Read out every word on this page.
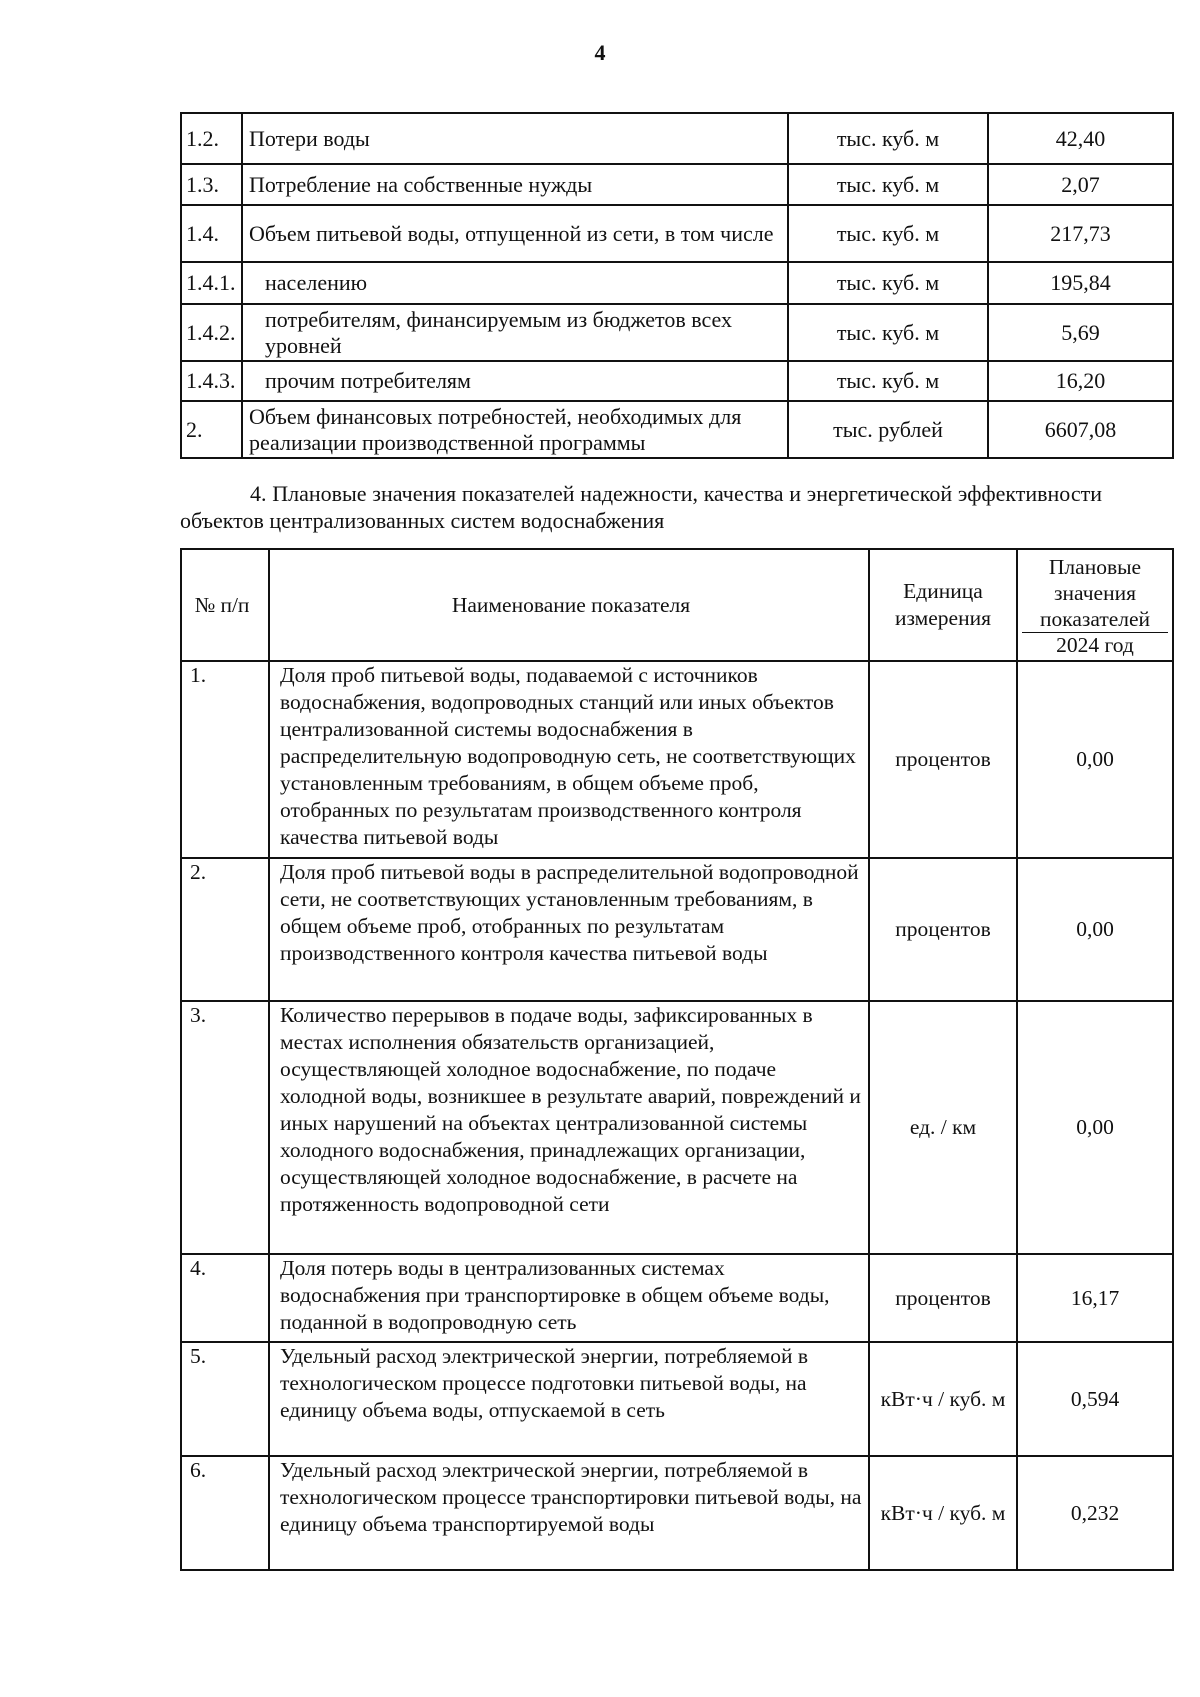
4
1.2.	Потери воды	тыс. куб. м	42,40
1.3.	Потребление на собственные нужды	тыс. куб. м	2,07
1.4.	Объем питьевой воды, отпущенной из сети, в том числе	тыс. куб. м	217,73
1.4.1.	населению	тыс. куб. м	195,84
1.4.2.	потребителям, финансируемым из бюджетов всех уровней	тыс. куб. м	5,69
1.4.3.	прочим потребителям	тыс. куб. м	16,20
2.	Объем финансовых потребностей, необходимых для реализации производственной программы	тыс. рублей	6607,08
4. Плановые значения показателей надежности, качества и энергетической эффективности объектов централизованных систем водоснабжения
№ п/п	Наименование показателя	Единица измерения	Плановые значения показателей
2024 год

1.	Доля проб питьевой воды, подаваемой с источников водоснабжения, водопроводных станций или иных объектов централизованной системы водоснабжения в распределительную водопроводную сеть, не соответствующих установленным требованиям, в общем объеме проб, отобранных по результатам производственного контроля качества питьевой воды	процентов	0,00
2.	Доля проб питьевой воды в распределительной водопроводной сети, не соответствующих установленным требованиям, в общем объеме проб, отобранных по результатам производственного контроля качества питьевой воды	процентов	0,00
3.	Количество перерывов в подаче воды, зафиксированных в местах исполнения обязательств организацией, осуществляющей холодное водоснабжение, по подаче холодной воды, возникшее в результате аварий, повреждений и иных нарушений на объектах централизованной системы холодного водоснабжения, принадлежащих организации, осуществляющей холодное водоснабжение, в расчете на протяженность водопроводной сети	ед. / км	0,00
4.	Доля потерь воды в централизованных системах водоснабжения при транспортировке в общем объеме воды, поданной в водопроводную сеть	процентов	16,17
5.	Удельный расход электрической энергии, потребляемой в технологическом процессе подготовки питьевой воды, на единицу объема воды, отпускаемой в сеть	кВт·ч / куб. м	0,594
6.	Удельный расход электрической энергии, потребляемой в технологическом процессе транспортировки питьевой воды, на единицу объема транспортируемой воды	кВт·ч / куб. м	0,232
